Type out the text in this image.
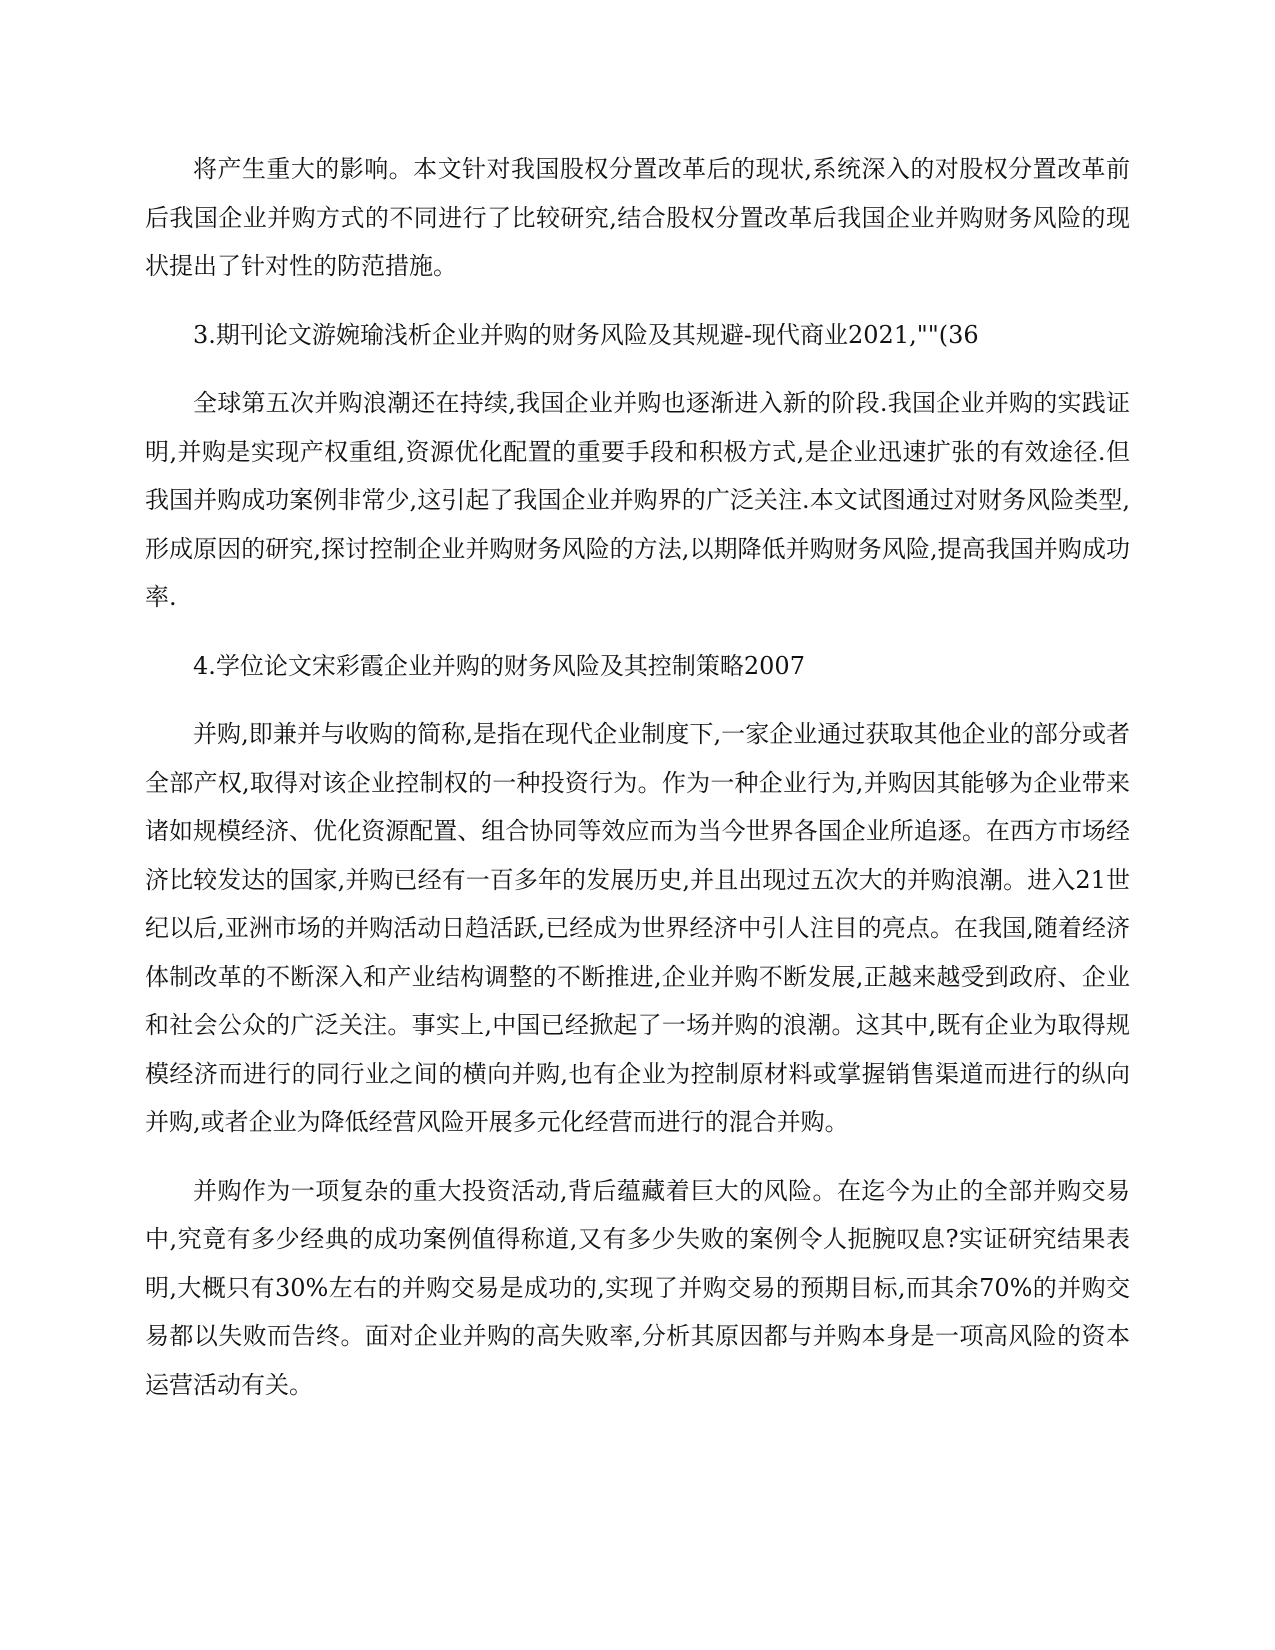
将产生重大的影响。本文针对我国股权分置改革后的现状,系统深入的对股权分置改革前后我国企业并购方式的不同进行了比较研究,结合股权分置改革后我国企业并购财务风险的现状提出了针对性的防范措施。

3.期刊论文游婉瑜浅析企业并购的财务风险及其规避-现代商业2021,""(36

全球第五次并购浪潮还在持续,我国企业并购也逐渐进入新的阶段.我国企业并购的实践证明,并购是实现产权重组,资源优化配置的重要手段和积极方式,是企业迅速扩张的有效途径.但我国并购成功案例非常少,这引起了我国企业并购界的广泛关注.本文试图通过对财务风险类型,形成原因的研究,探讨控制企业并购财务风险的方法,以期降低并购财务风险,提高我国并购成功率.

4.学位论文宋彩霞企业并购的财务风险及其控制策略2007

并购,即兼并与收购的简称,是指在现代企业制度下,一家企业通过获取其他企业的部分或者全部产权,取得对该企业控制权的一种投资行为。作为一种企业行为,并购因其能够为企业带来诸如规模经济、优化资源配置、组合协同等效应而为当今世界各国企业所追逐。在西方市场经济比较发达的国家,并购已经有一百多年的发展历史,并且出现过五次大的并购浪潮。进入21世纪以后,亚洲市场的并购活动日趋活跃,已经成为世界经济中引人注目的亮点。在我国,随着经济体制改革的不断深入和产业结构调整的不断推进,企业并购不断发展,正越来越受到政府、企业和社会公众的广泛关注。事实上,中国已经掀起了一场并购的浪潮。这其中,既有企业为取得规模经济而进行的同行业之间的横向并购,也有企业为控制原材料或掌握销售渠道而进行的纵向并购,或者企业为降低经营风险开展多元化经营而进行的混合并购。

并购作为一项复杂的重大投资活动,背后蕴藏着巨大的风险。在迄今为止的全部并购交易中,究竟有多少经典的成功案例值得称道,又有多少失败的案例令人扼腕叹息?实证研究结果表明,大概只有30%左右的并购交易是成功的,实现了并购交易的预期目标,而其余70%的并购交易都以失败而告终。面对企业并购的高失败率,分析其原因都与并购本身是一项高风险的资本运营活动有关。
